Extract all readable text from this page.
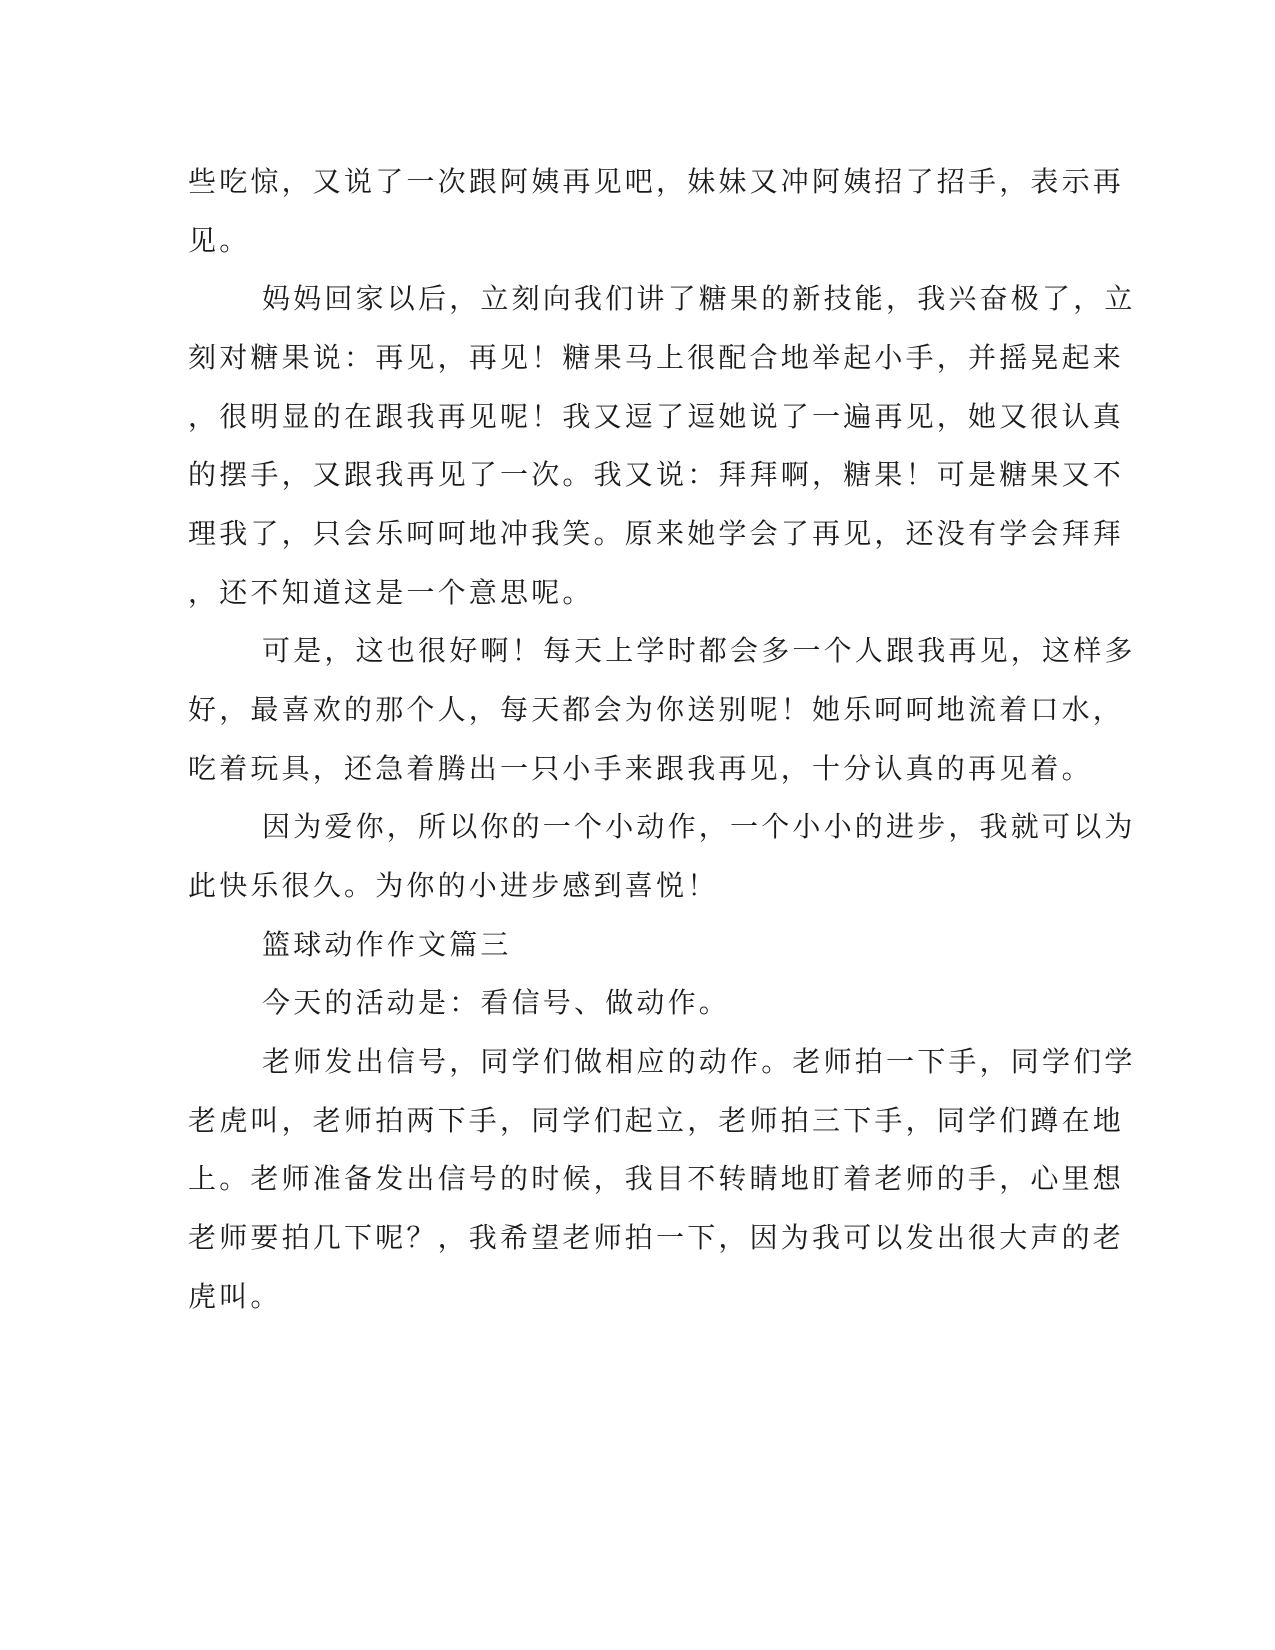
些吃惊，又说了一次跟阿姨再见吧，妹妹又冲阿姨招了招手，表示再
见。
妈妈回家以后，立刻向我们讲了糖果的新技能，我兴奋极了，立
刻对糖果说：再见，再见！糖果马上很配合地举起小手，并摇晃起来
，很明显的在跟我再见呢！我又逗了逗她说了一遍再见，她又很认真
的摆手，又跟我再见了一次。我又说：拜拜啊，糖果！可是糖果又不
理我了，只会乐呵呵地冲我笑。原来她学会了再见，还没有学会拜拜
，还不知道这是一个意思呢。
可是，这也很好啊！每天上学时都会多一个人跟我再见，这样多
好，最喜欢的那个人，每天都会为你送别呢！她乐呵呵地流着口水，
吃着玩具，还急着腾出一只小手来跟我再见，十分认真的再见着。
因为爱你，所以你的一个小动作，一个小小的进步，我就可以为
此快乐很久。为你的小进步感到喜悦！
篮球动作作文篇三
今天的活动是：看信号、做动作。
老师发出信号，同学们做相应的动作。老师拍一下手，同学们学
老虎叫，老师拍两下手，同学们起立，老师拍三下手，同学们蹲在地
上。老师准备发出信号的时候，我目不转睛地盯着老师的手，心里想
老师要拍几下呢？，我希望老师拍一下，因为我可以发出很大声的老
虎叫。
